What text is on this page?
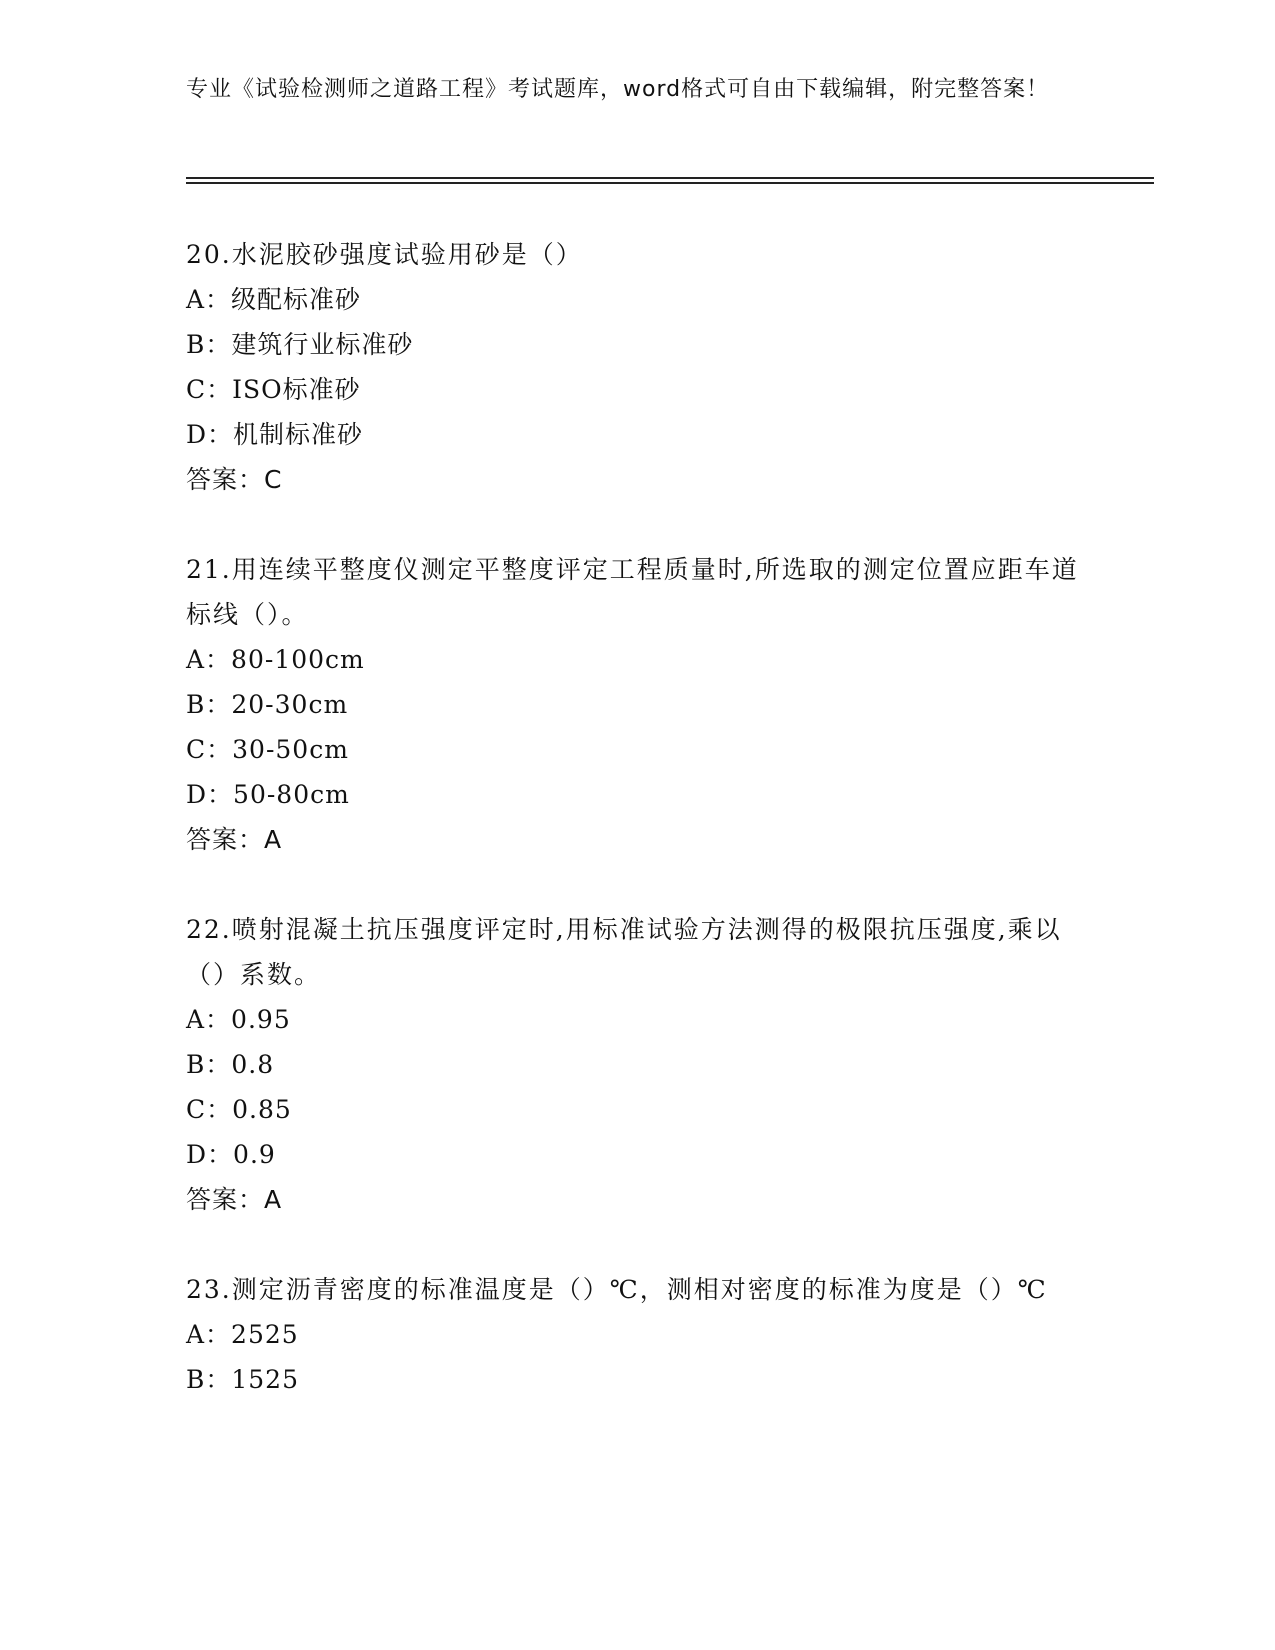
专业《试验检测师之道路工程》考试题库，word格式可自由下载编辑，附完整答案！
20.水泥胶砂强度试验用砂是（）
A：级配标准砂
B：建筑行业标准砂
C：ISO标准砂
D：机制标准砂
答案：C
21.用连续平整度仪测定平整度评定工程质量时,所选取的测定位置应距车道标线（）。
A：80-100cm
B：20-30cm
C：30-50cm
D：50-80cm
答案：A
22.喷射混凝土抗压强度评定时,用标准试验方法测得的极限抗压强度,乘以（）系数。
A：0.95
B：0.8
C：0.85
D：0.9
答案：A
23.测定沥青密度的标准温度是（）℃，测相对密度的标准为度是（）℃
A：2525
B：1525
